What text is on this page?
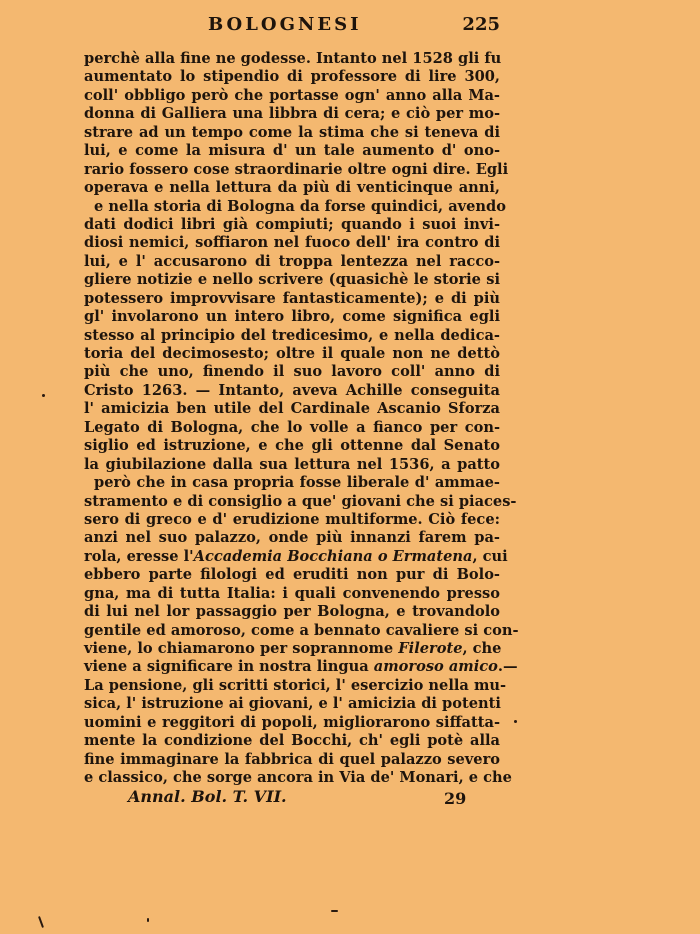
BOLOGNESI	225
perchè alla fine ne godesse. Intanto nel 1528 gli fu
aumentato lo stipendio di professore di lire 300,
coll' obbligo però che portasse ogn' anno alla Ma-
donna di Galliera una libbra di cera; e ciò per mo-
strare ad un tempo come la stima che si teneva di
lui, e come la misura d' un tale aumento d' ono-
rario fossero cose straordinarie oltre ogni dire. Egli
operava e nella lettura da più di venticinque anni,
e nella storia di Bologna da forse quindici, avendo
dati dodici libri già compiuti; quando i suoi invi-
diosi nemici, soffiaron nel fuoco dell' ira contro di
lui, e l' accusarono di troppa lentezza nel racco-
gliere notizie e nello scrivere (quasichè le storie si
potessero improvvisare fantasticamente); e di più
gl' involarono un intero libro, come significa egli
stesso al principio del tredicesimo, e nella dedica-
toria del decimosesto; oltre il quale non ne dettò
più che uno, finendo il suo lavoro coll' anno di
Cristo 1263. — Intanto, aveva Achille conseguita
l' amicizia ben utile del Cardinale Ascanio Sforza
Legato di Bologna, che lo volle a fianco per con-
siglio ed istruzione, e che gli ottenne dal Senato
la giubilazione dalla sua lettura nel 1536, a patto
però che in casa propria fosse liberale d' ammae-
stramento e di consiglio a que' giovani che si piaces-
sero di greco e d' erudizione multiforme. Ciò fece:
anzi nel suo palazzo, onde più innanzi farem pa-
rola, eresse l'Accademia Bocchiana o Ermatena, cui
ebbero parte filologi ed eruditi non pur di Bolo-
gna, ma di tutta Italia: i quali convenendo presso
di lui nel lor passaggio per Bologna, e trovandolo
gentile ed amoroso, come a bennato cavaliere si con-
viene, lo chiamarono per soprannome Filerote, che
viene a significare in nostra lingua amoroso amico.—
La pensione, gli scritti storici, l' esercizio nella mu-
sica, l' istruzione ai giovani, e l' amicizia di potenti
uomini e reggitori di popoli, migliorarono siffatta-
mente la condizione del Bocchi, ch' egli potè alla
fine immaginare la fabbrica di quel palazzo severo
e classico, che sorge ancora in Via de' Monari, e che
Annal. Bol. T. VII.	29
